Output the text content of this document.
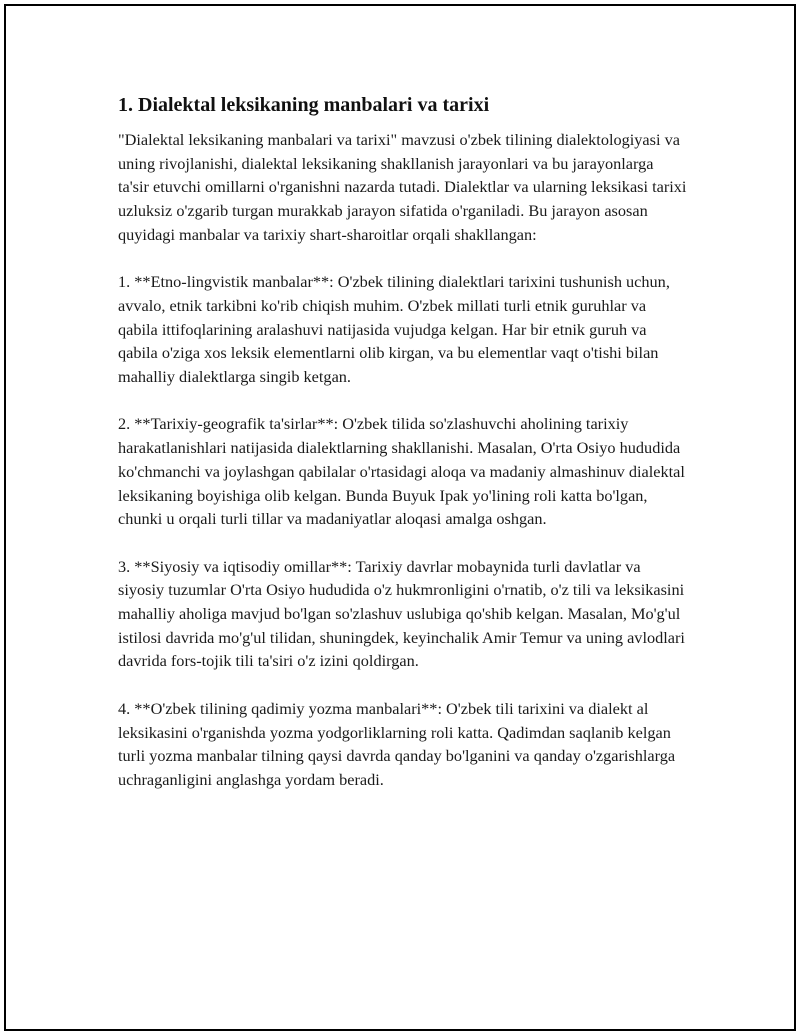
1. Dialektal leksikaning manbalari va tarixi

"Dialektal leksikaning manbalari va tarixi" mavzusi o'zbek tilining dialektologiyasi va uning rivojlanishi, dialektal leksikaning shakllanish jarayonlari va bu jarayonlarga ta'sir etuvchi omillarni o'rganishni nazarda tutadi. Dialektlar va ularning leksikasi tarixi uzluksiz o'zgarib turgan murakkab jarayon sifatida o'rganiladi. Bu jarayon asosan quyidagi manbalar va tarixiy shart-sharoitlar orqali shakllangan:

1. **Etno-lingvistik manbalar**: O'zbek tilining dialektlari tarixini tushunish uchun, avvalo, etnik tarkibni ko'rib chiqish muhim. O'zbek millati turli etnik guruhlar va qabila ittifoqlarining aralashuvi natijasida vujudga kelgan. Har bir etnik guruh va qabila o'ziga xos leksik elementlarni olib kirgan, va bu elementlar vaqt o'tishi bilan mahalliy dialektlarga singib ketgan.

2. **Tarixiy-geografik ta'sirlar**: O'zbek tilida so'zlashuvchi aholining tarixiy harakatlanishlari natijasida dialektlarning shakllanishi. Masalan, O'rta Osiyo hududida ko'chmanchi va joylashgan qabilalar o'rtasidagi aloqa va madaniy almashinuv dialektal leksikaning boyishiga olib kelgan. Bunda Buyuk Ipak yo'lining roli katta bo'lgan, chunki u orqali turli tillar va madaniyatlar aloqasi amalga oshgan.

3. **Siyosiy va iqtisodiy omillar**: Tarixiy davrlar mobaynida turli davlatlar va siyosiy tuzumlar O'rta Osiyo hududida o'z hukmronligini o'rnatib, o'z tili va leksikasini mahalliy aholiga mavjud bo'lgan so'zlashuv uslubiga qo'shib kelgan. Masalan, Mo'g'ul istilosi davrida mo'g'ul tilidan, shuningdek, keyinchalik Amir Temur va uning avlodlari davrida fors-tojik tili ta'siri o'z izini qoldirgan.

4. **O'zbek tilining qadimiy yozma manbalari**: O'zbek tili tarixini va dialekt al leksikasini o'rganishda yozma yodgorliklarning roli katta. Qadimdan saqlanib kelgan turli yozma manbalar tilning qaysi davrda qanday bo'lganini va qanday o'zgarishlarga uchraganligini anglashga yordam beradi.
